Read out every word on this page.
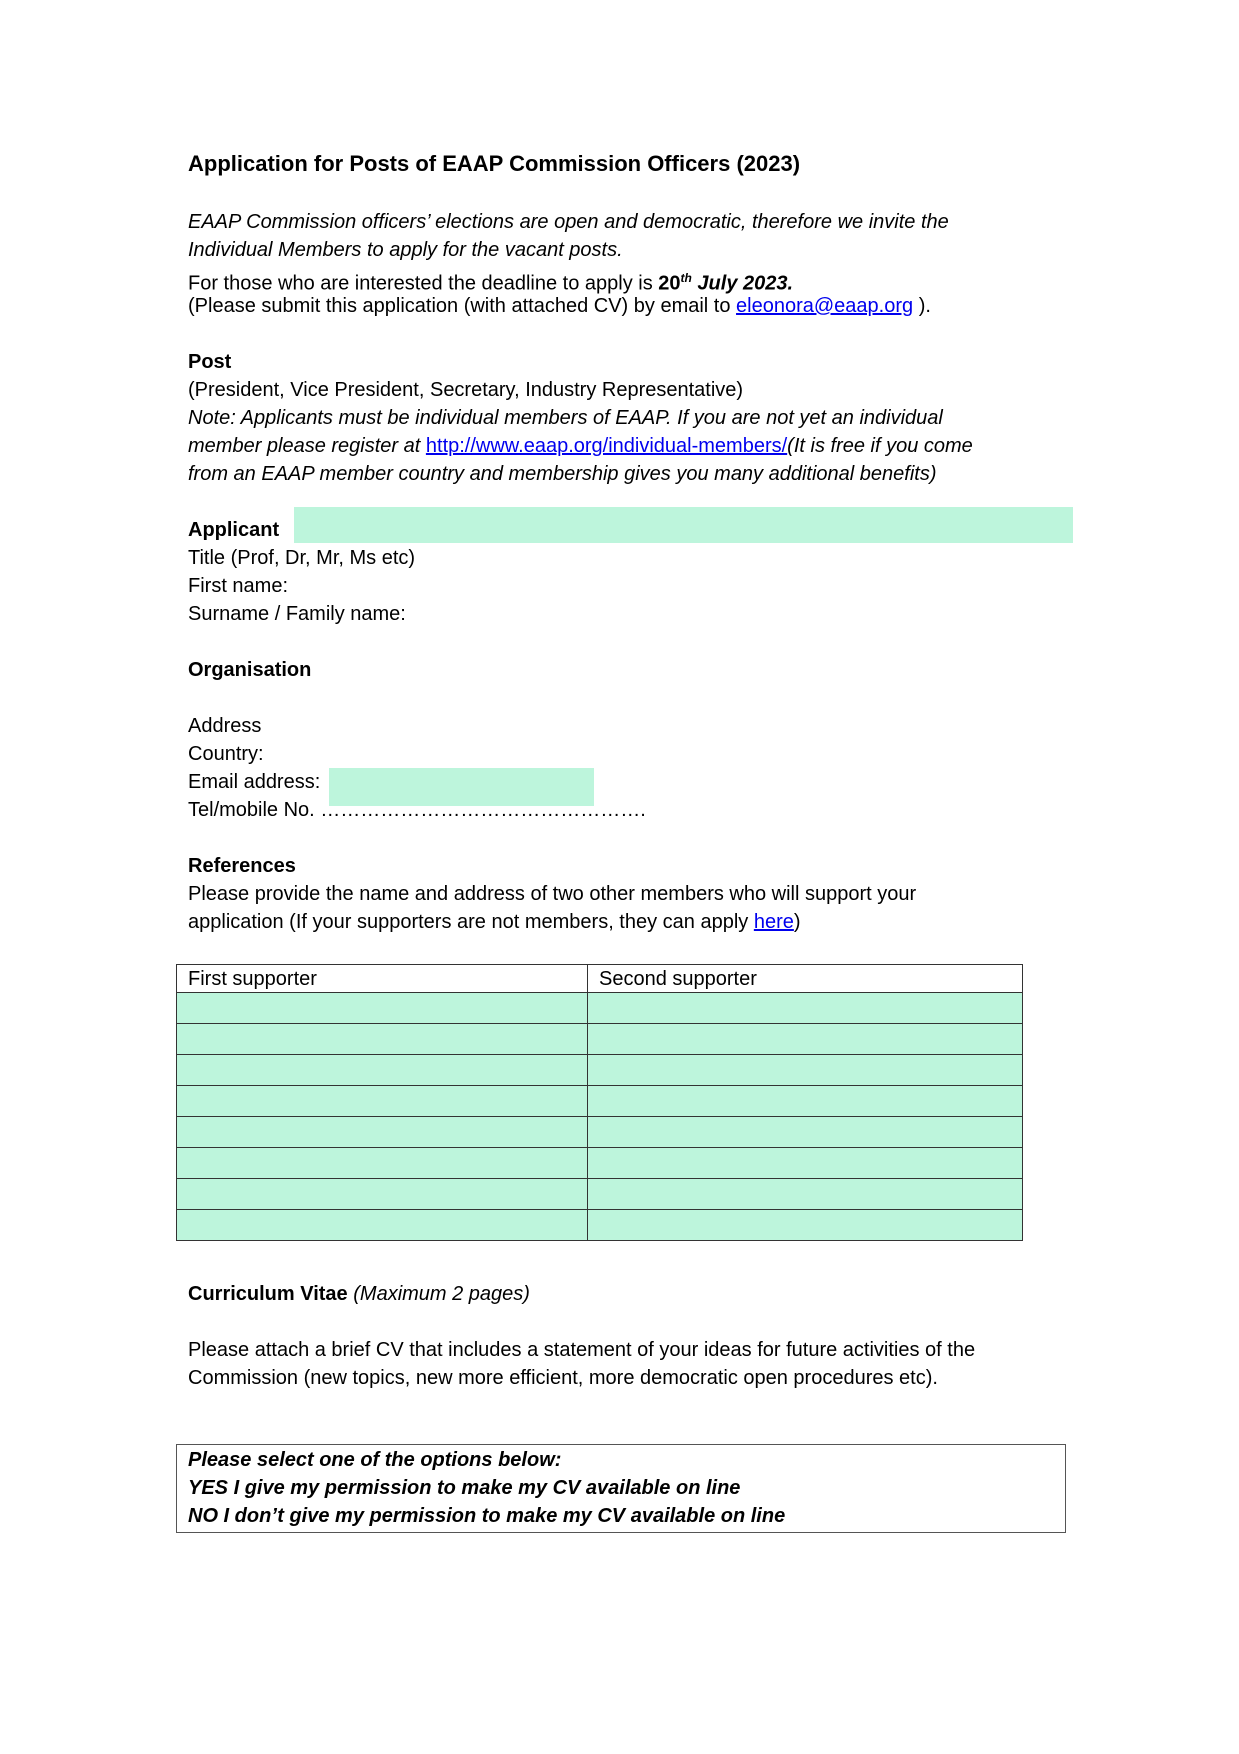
Application for Posts of EAAP Commission Officers (2023)
EAAP Commission officers’ elections are open and democratic, therefore we invite the
Individual Members to apply for the vacant posts.
For those who are interested the deadline to apply is 20th July 2023.
(Please submit this application (with attached CV) by email to eleonora@eaap.org ).
Post
(President, Vice President, Secretary, Industry Representative)
Note: Applicants must be individual members of EAAP. If you are not yet an individual
member please register at http://www.eaap.org/individual-members/(It is free if you come
from an EAAP member country and membership gives you many additional benefits)
Applicant
Title (Prof, Dr, Mr, Ms etc)
First name:
Surname / Family name:
Organisation
Address
Country:
Email address:
Tel/mobile No. ………………………………………….
References
Please provide the name and address of two other members who will support your
application (If your supporters are not members, they can apply here)
First supporter	Second supporter

Curriculum Vitae (Maximum 2 pages)
Please attach a brief CV that includes a statement of your ideas for future activities of the
Commission (new topics, new more efficient, more democratic open procedures etc).
Please select one of the options below:
YES I give my permission to make my CV available on line
NO I don’t give my permission to make my CV available on line
